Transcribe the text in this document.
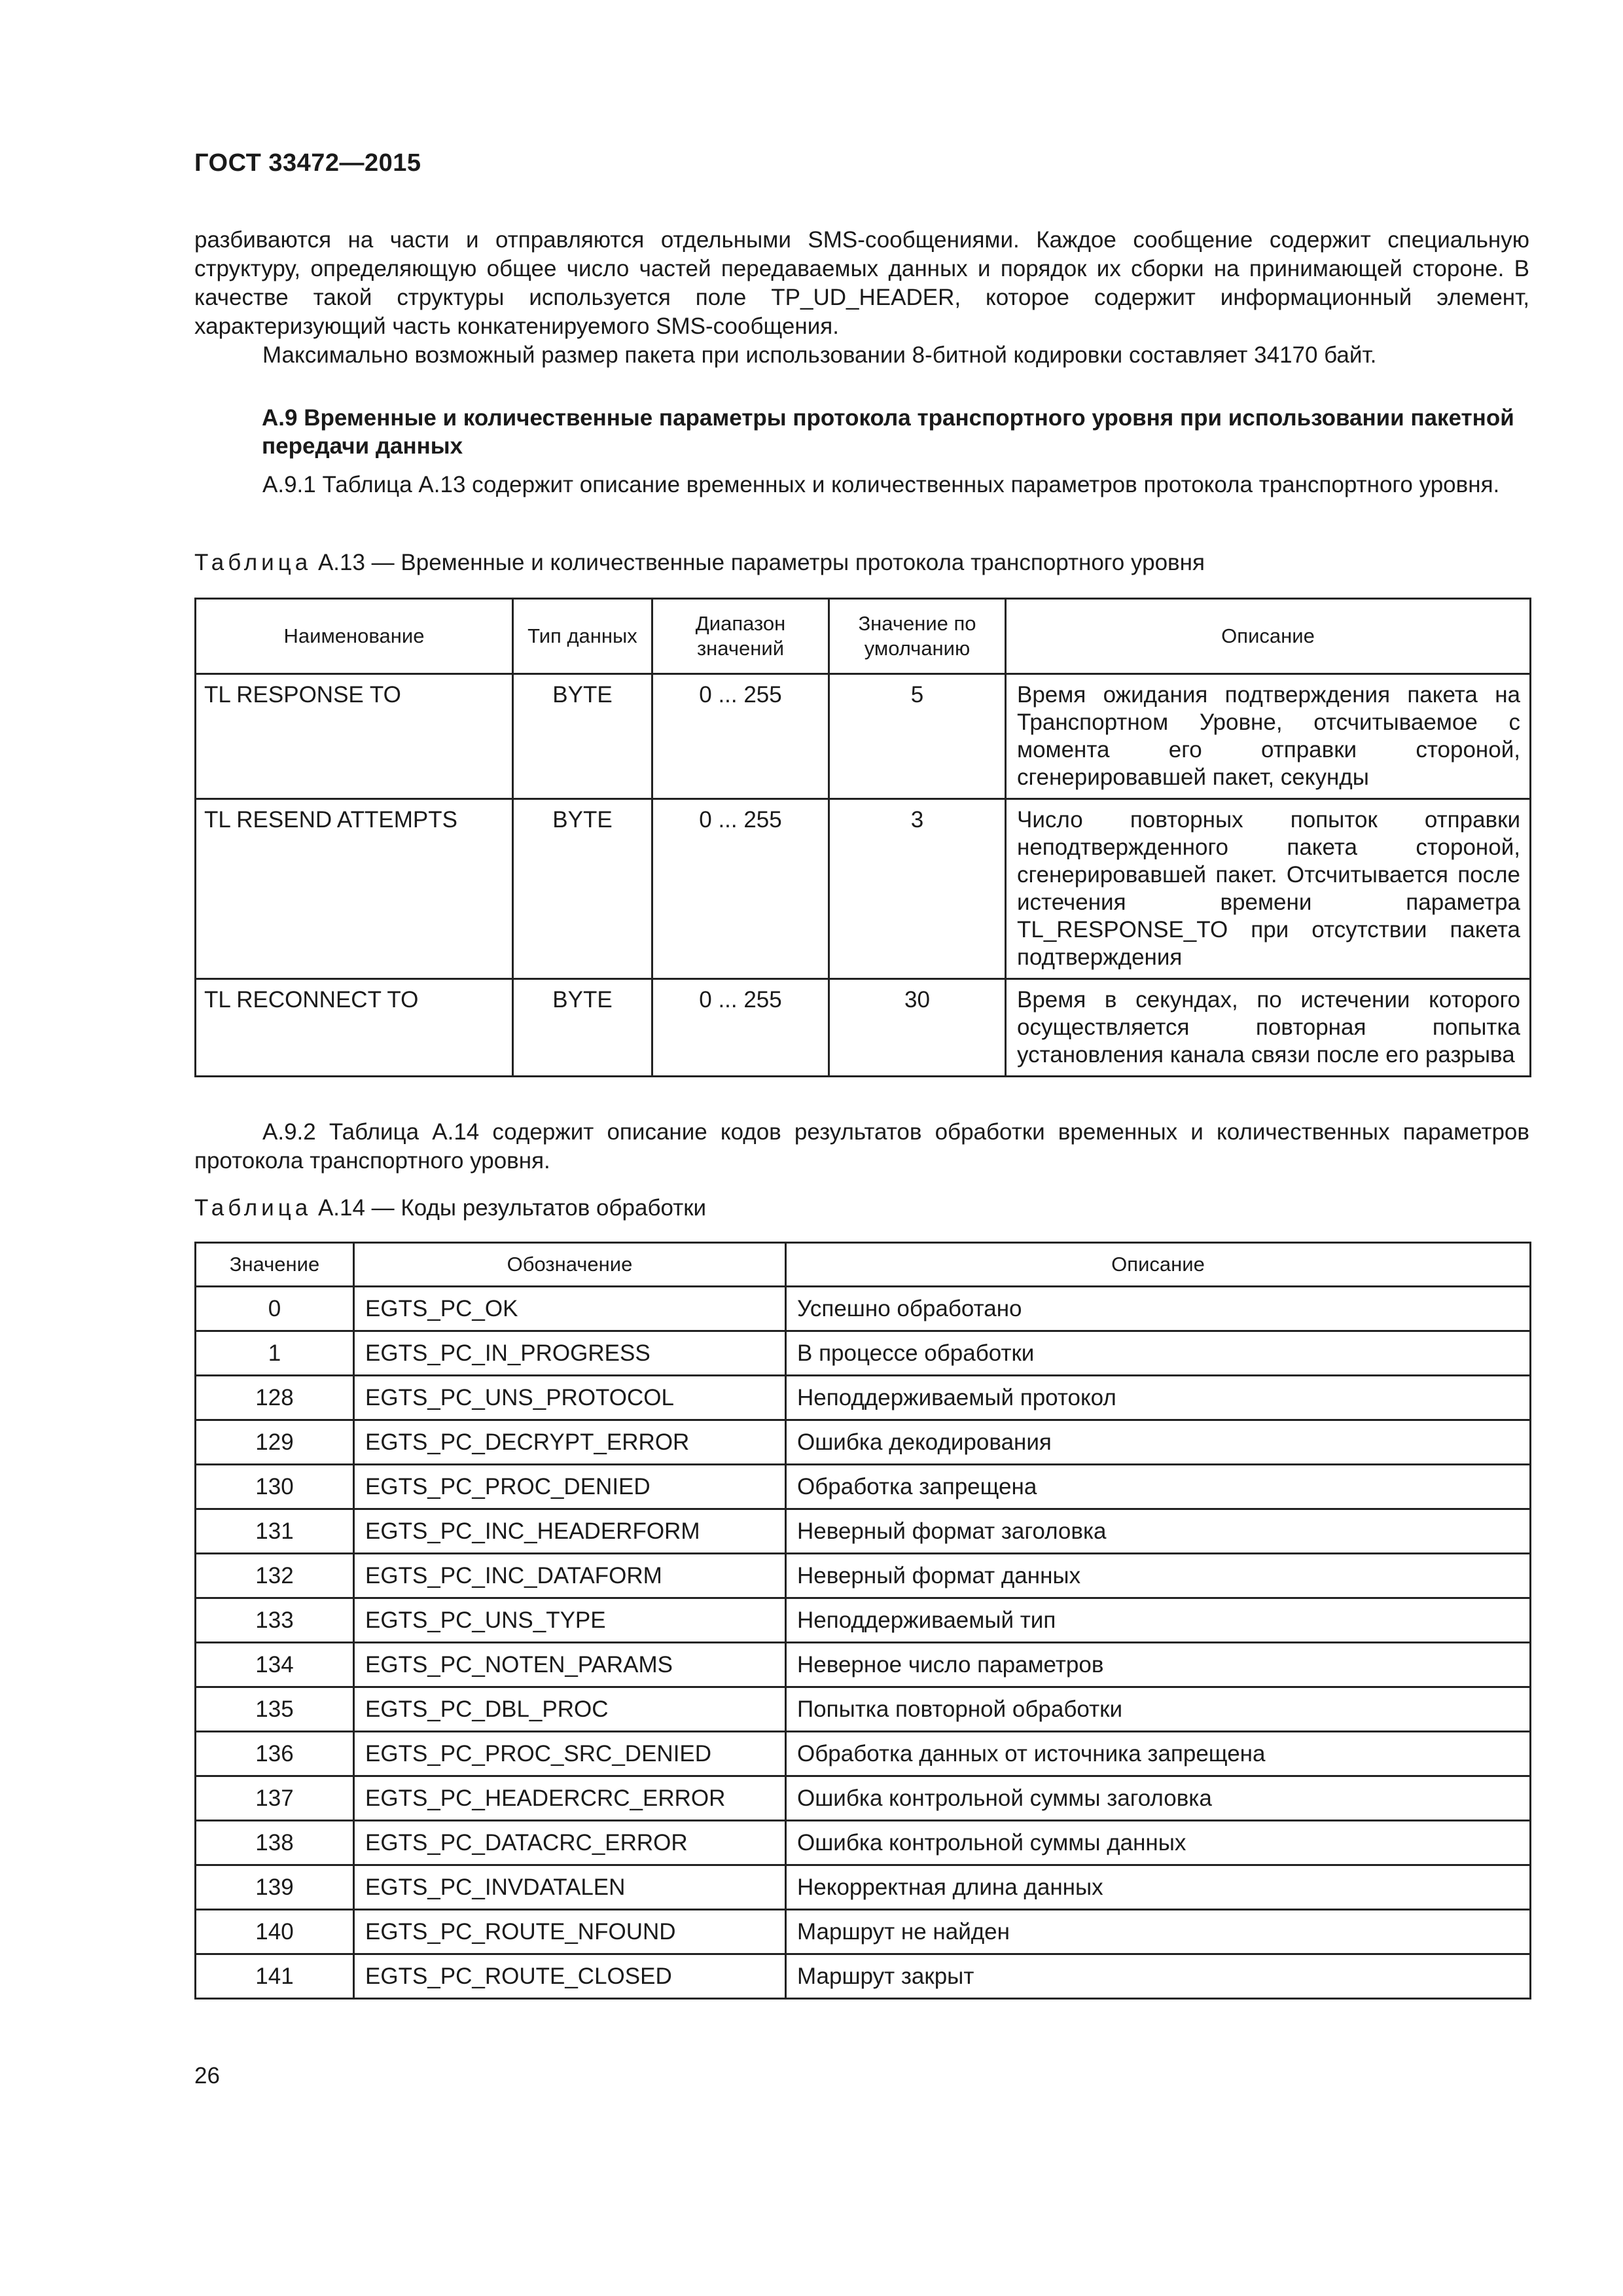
ГОСТ 33472—2015

разбиваются на части и отправляются отдельными SMS-сообщениями. Каждое сообщение содержит специальную структуру, определяющую общее число частей передаваемых данных и порядок их сборки на принимающей стороне. В качестве такой структуры используется поле TP_UD_HEADER, которое содержит информационный элемент, характеризующий часть конкатенируемого SMS-сообщения.

Максимально возможный размер пакета при использовании 8-битной кодировки составляет 34170 байт.

А.9 Временные и количественные параметры протокола транспортного уровня при использовании пакетной передачи данных

А.9.1 Таблица А.13 содержит описание временных и количественных параметров протокола транспортного уровня.

Таблица А.13 — Временные и количественные параметры протокола транспортного уровня
Наименование	Тип данных	Диапазон значений	Значение по умолчанию	Описание
TL RESPONSE TO	BYTE	0 ... 255	5	Время ожидания подтверждения пакета на Транспортном Уровне, отсчитываемое с момента его отправки стороной, сгенерировавшей пакет, секунды
TL RESEND ATTEMPTS	BYTE	0 ... 255	3	Число повторных попыток отправки неподтвержденного пакета стороной, сгенерировавшей пакет. Отсчитывается после истечения времени параметра TL_RESPONSE_TO при отсутствии пакета подтверждения
TL RECONNECT TO	BYTE	0 ... 255	30	Время в секундах, по истечении которого осуществляется повторная попытка установления канала связи после его разрыва

А.9.2 Таблица А.14 содержит описание кодов результатов обработки временных и количественных параметров протокола транспортного уровня.

Таблица А.14 — Коды результатов обработки
Значение	Обозначение	Описание
0	EGTS_PC_OK	Успешно обработано
1	EGTS_PC_IN_PROGRESS	В процессе обработки
128	EGTS_PC_UNS_PROTOCOL	Неподдерживаемый протокол
129	EGTS_PC_DECRYPT_ERROR	Ошибка декодирования
130	EGTS_PC_PROC_DENIED	Обработка запрещена
131	EGTS_PC_INC_HEADERFORM	Неверный формат заголовка
132	EGTS_PC_INC_DATAFORM	Неверный формат данных
133	EGTS_PC_UNS_TYPE	Неподдерживаемый тип
134	EGTS_PC_NOTEN_PARAMS	Неверное число параметров
135	EGTS_PC_DBL_PROC	Попытка повторной обработки
136	EGTS_PC_PROC_SRC_DENIED	Обработка данных от источника запрещена
137	EGTS_PC_HEADERCRC_ERROR	Ошибка контрольной суммы заголовка
138	EGTS_PC_DATACRC_ERROR	Ошибка контрольной суммы данных
139	EGTS_PC_INVDATALEN	Некорректная длина данных
140	EGTS_PC_ROUTE_NFOUND	Маршрут не найден
141	EGTS_PC_ROUTE_CLOSED	Маршрут закрыт
26
